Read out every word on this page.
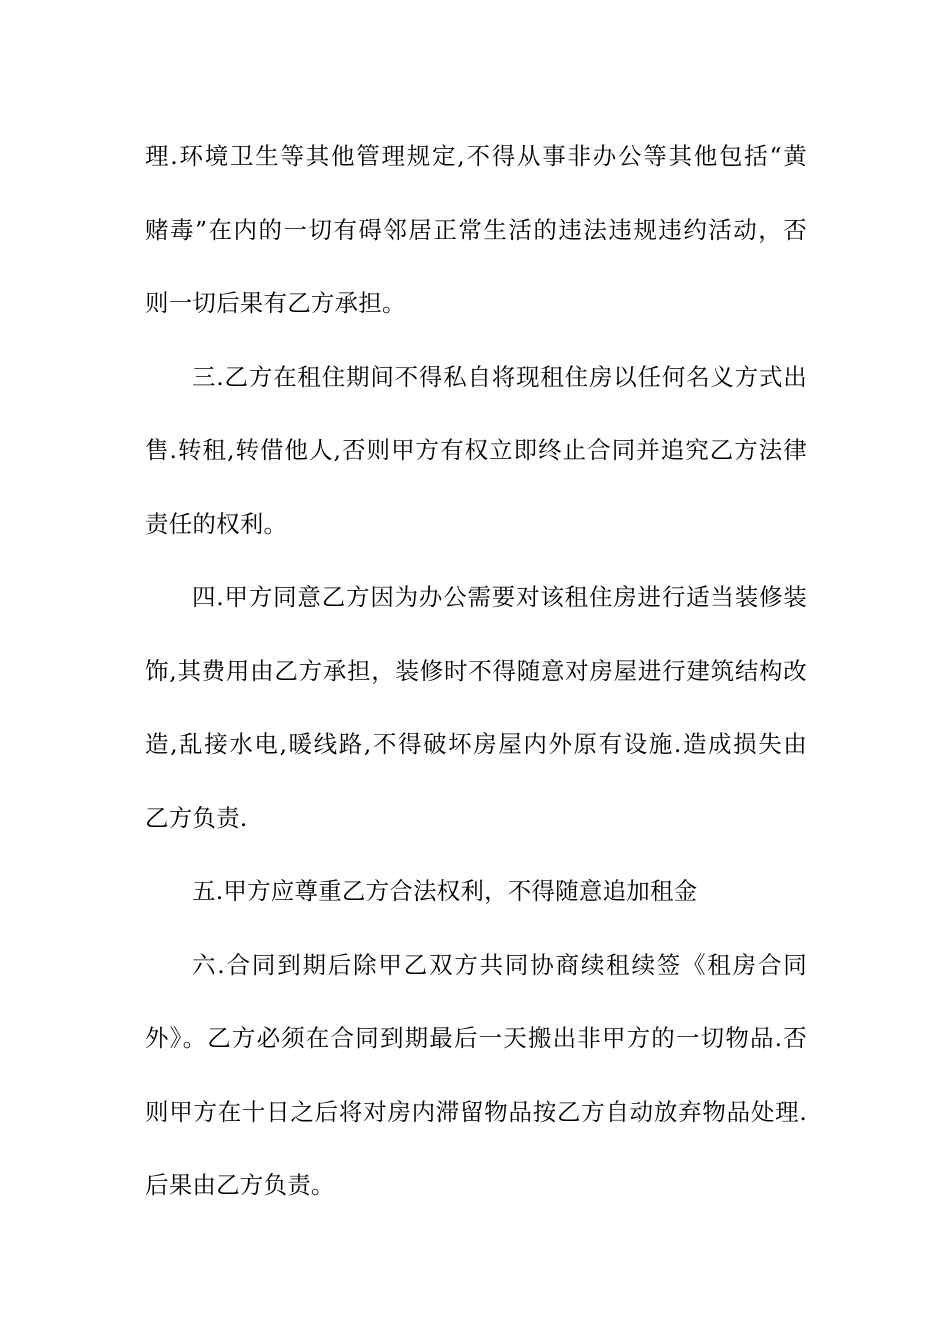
理.环境卫生等其他管理规定,不得从事非办公等其他包括“黄
赌毒”在内的一切有碍邻居正常生活的违法违规违约活动，否
则一切后果有乙方承担。
三.乙方在租住期间不得私自将现租住房以任何名义方式出
售.转租,转借他人,否则甲方有权立即终止合同并追究乙方法律
责任的权利。
四.甲方同意乙方因为办公需要对该租住房进行适当装修装
饰,其费用由乙方承担，装修时不得随意对房屋进行建筑结构改
造,乱接水电,暖线路,不得破坏房屋内外原有设施.造成损失由
乙方负责.
五.甲方应尊重乙方合法权利，不得随意追加租金
六.合同到期后除甲乙双方共同协商续租续签《租房合同
外》。乙方必须在合同到期最后一天搬出非甲方的一切物品.否
则甲方在十日之后将对房内滞留物品按乙方自动放弃物品处理.
后果由乙方负责。
